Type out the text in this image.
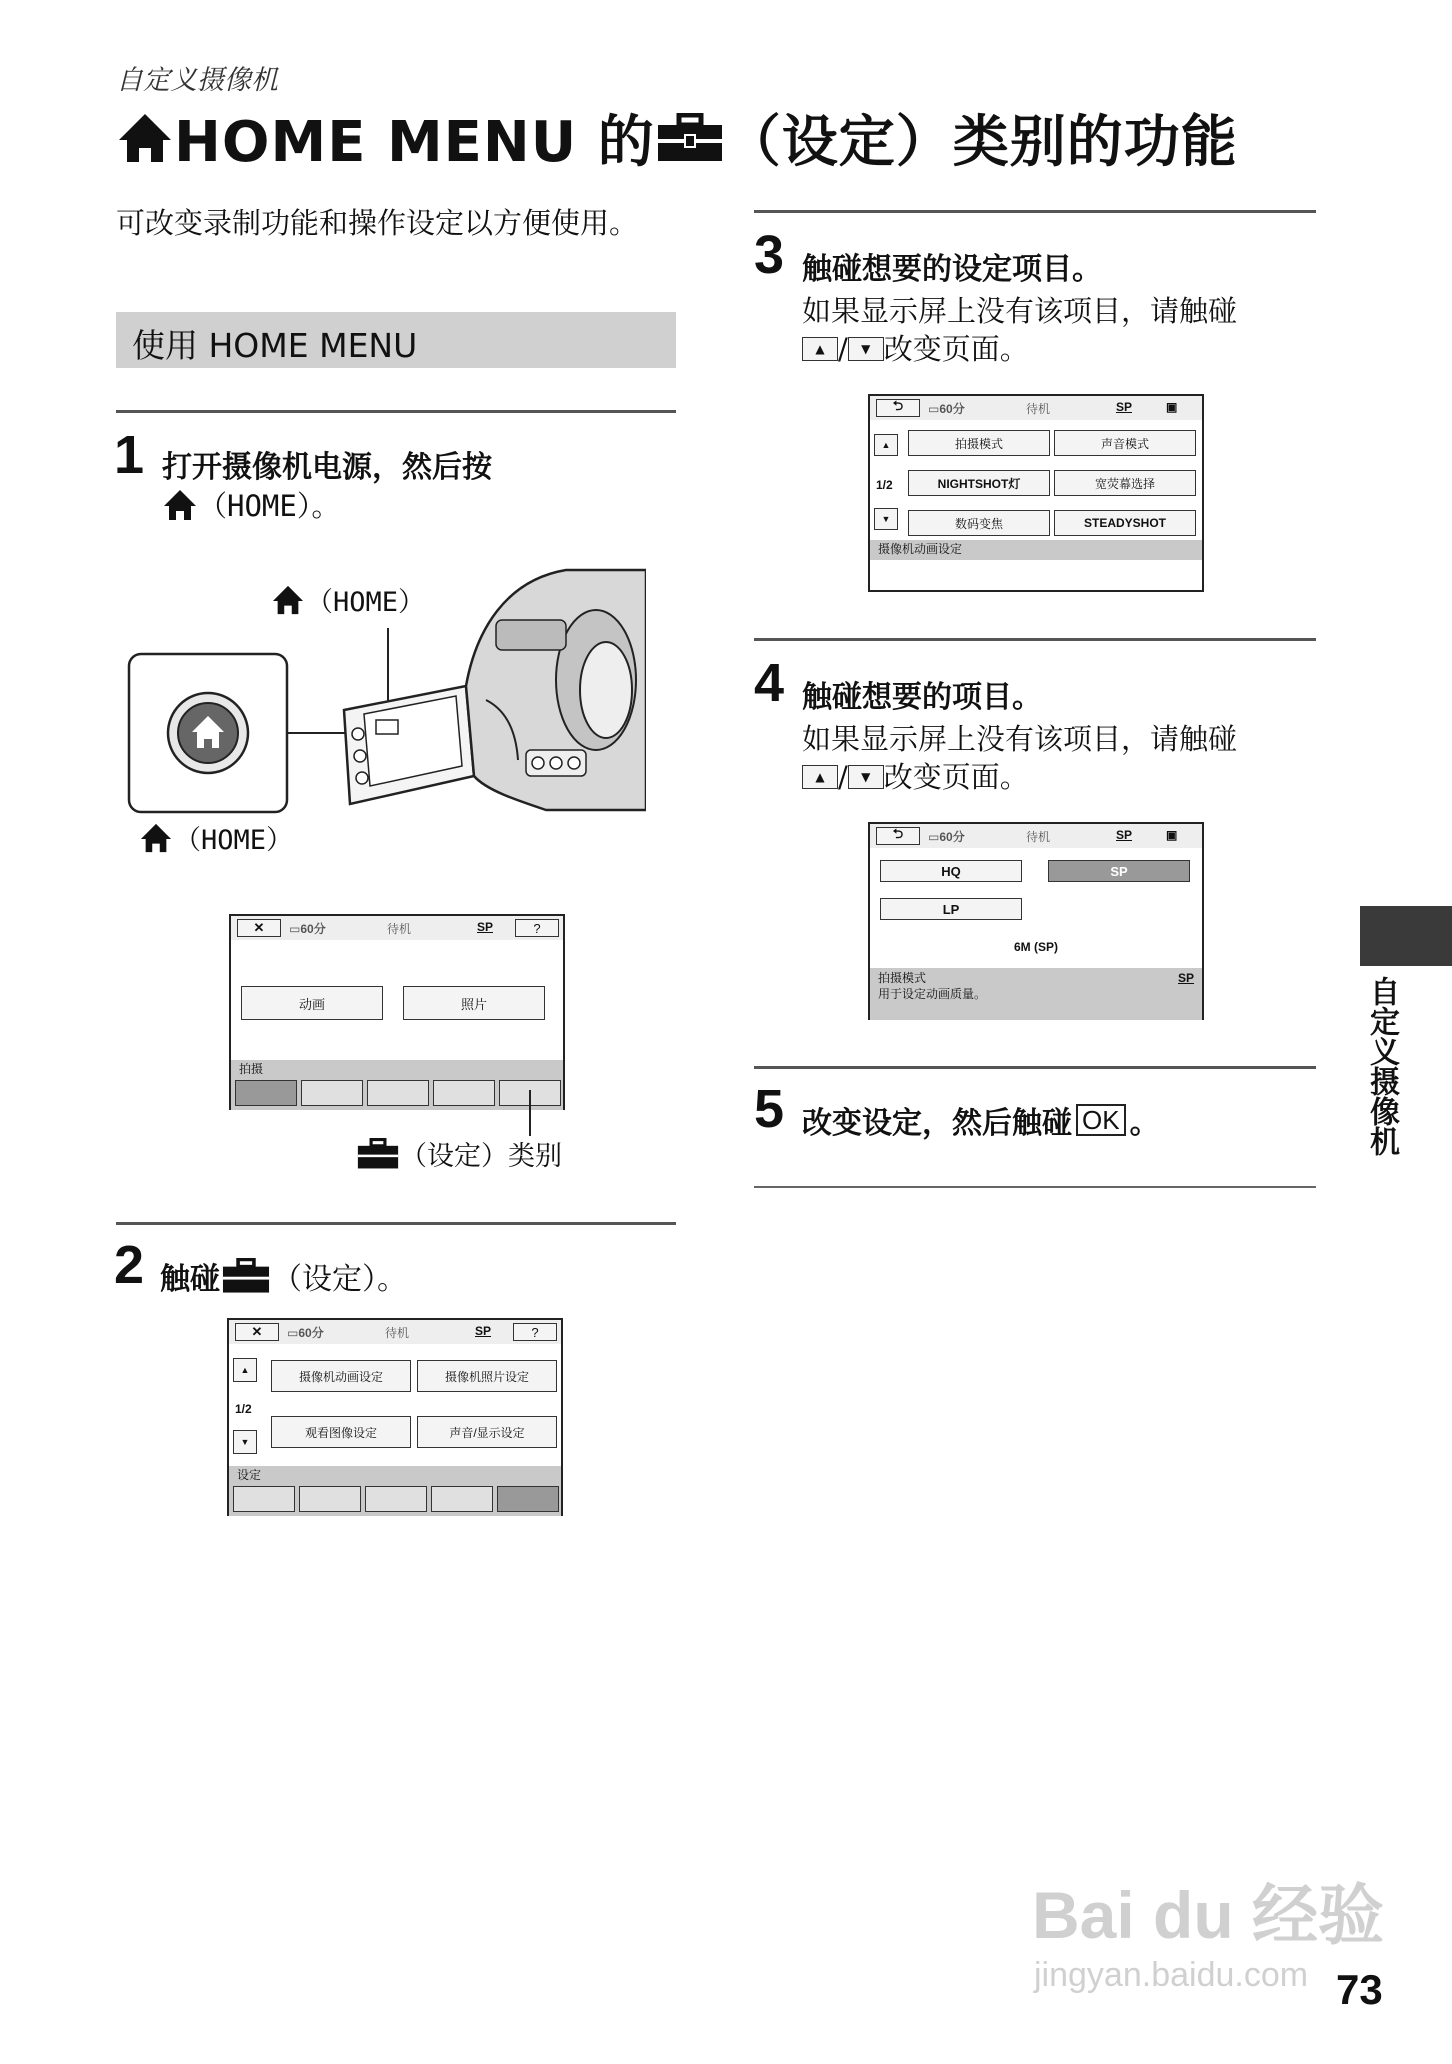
自定义摄像机
HOME MENU 的 （设定）类别的功能
可改变录制功能和操作设定以方便使用。
使用 HOME MENU
1 打开摄像机电源，然后按
（HOME）。
（HOME）
（HOME）
✕	▭60分	待机	SP	?
动画	照片
拍摄
（设定）类别
2 触碰 （设定）。
✕	▭60分	待机	SP	?
▲
1/2
▼
摄像机动画设定	摄像机照片设定
观看图像设定	声音/显示设定
设定
3 触碰想要的设定项目。
如果显示屏上没有该项目，请触碰
▲ /	▼ 改变页面。
⮌	▭60分	待机	SP	▣
▲
1/2
▼
拍摄模式	声音模式
NIGHTSHOT灯	宽荧幕选择
数码变焦	STEADYSHOT
摄像机动画设定
4 触碰想要的项目。
如果显示屏上没有该项目，请触碰
▲ /	▼ 改变页面。
⮌	▭60分	待机	SP	▣
HQ	SP
LP
6M (SP)
拍摄模式	SP
用于设定动画质量。
5 改变设定，然后触碰 OK 。	自定义摄像机
Bai du 经验
jingyan.baidu.com 73
